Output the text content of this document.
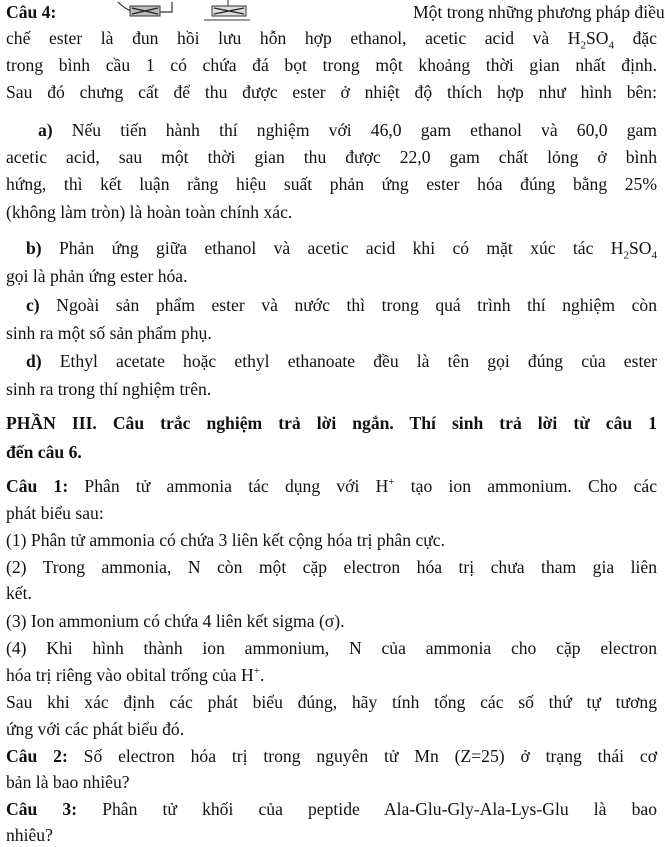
Câu 4:	Một trong những phương pháp điều
chế ester là đun hồi lưu hỗn hợp ethanol, acetic acid và $H_2SO_4$ đặc
trong bình cầu 1 có chứa đá bọt trong một khoảng thời gian nhất định.
Sau đó chưng cất để thu được ester ở nhiệt độ thích hợp như hình bên:
a) Nếu tiến hành thí nghiệm với 46,0 gam ethanol và 60,0 gam
acetic acid, sau một thời gian thu được 22,0 gam chất lỏng ở bình
hứng, thì kết luận rằng hiệu suất phản ứng ester hóa đúng bằng 25%
(không làm tròn) là hoàn toàn chính xác.
b) Phản ứng giữa ethanol và acetic acid khi có mặt xúc tác $H_2SO_4$
gọi là phản ứng ester hóa.
c) Ngoài sản phẩm ester và nước thì trong quá trình thí nghiệm còn
sinh ra một số sản phẩm phụ.
d) Ethyl acetate hoặc ethyl ethanoate đều là tên gọi đúng của ester
sinh ra trong thí nghiệm trên.
PHẦN III. Câu trắc nghiệm trả lời ngắn. Thí sinh trả lời từ câu 1
đến câu 6.
Câu 1: Phân tử ammonia tác dụng với H+ tạo ion ammonium. Cho các
phát biểu sau:
(1) Phân tử ammonia có chứa 3 liên kết cộng hóa trị phân cực.
(2) Trong ammonia, N còn một cặp electron hóa trị chưa tham gia liên
kết.
(3) Ion ammonium có chứa 4 liên kết sigma (σ).
(4) Khi hình thành ion ammonium, N của ammonia cho cặp electron
hóa trị riêng vào obital trống của H+.
Sau khi xác định các phát biểu đúng, hãy tính tổng các số thứ tự tương
ứng với các phát biểu đó.
Câu 2: Số electron hóa trị trong nguyên tử Mn (Z=25) ở trạng thái cơ
bản là bao nhiêu?
Câu 3: Phân tử khối của peptide Ala-Glu-Gly-Ala-Lys-Glu là bao
nhiêu?
